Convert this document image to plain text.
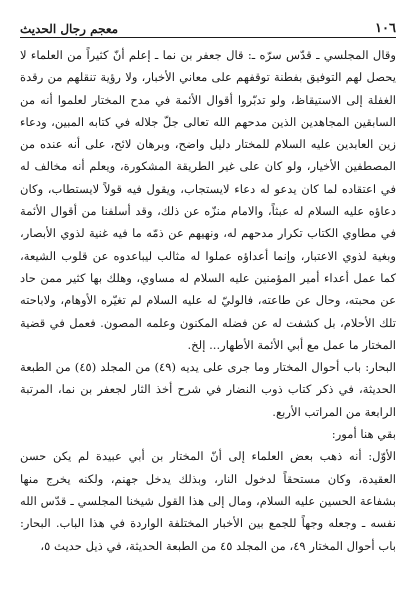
١٠٦
معجم رجال الحديث

وقال المجلسي ـ قدّس سرّه ـ: قال جعفر بن نما ـ إعلم أنّ كثيراً من العلماء لا يحصل لهم التوفيق بفطنة توقفهم على معاني الأخبار، ولا رؤية تنقلهم من رقدة الغفلة إلى الاستيقاظ، ولو تدبّروا أقوال الأئمة في مدح المختار لعلموا أنه من السابقين المجاهدين الذين مدحهم الله تعالى جلّ جلاله في كتابه المبين، ودعاء زين العابدين عليه السلام للمختار دليل واضح، وبرهان لائح، على أنه عنده من المصطفين الأخيار، ولو كان على غير الطريقة المشكورة، ويعلم أنه مخالف له في اعتقاده لما كان يدعو له دعاء لايستجاب، ويقول فيه قولاً لايستطاب، وكان دعاؤه عليه السلام له عبثاً، والامام منزّه عن ذلك، وقد أسلفنا من أقوال الأئمة في مطاوي الكتاب تكرار مدحهم له، ونهيهم عن ذمّه ما فيه غنية لذوي الأبصار، وبغية لذوي الاعتبار، وإنما أعداؤه عملوا له مثالب ليباعدوه عن قلوب الشيعة، كما عمل أعداء أمير المؤمنين عليه السلام له مساوي، وهلك بها كثير ممن حاد عن محبته، وحال عن طاعته، فالوليّ له عليه السلام لم تغيّره الأوهام، ولاباحته تلك الأحلام، بل كشفت له عن فضله المكنون وعلمه المصون. فعمل في قضية المختار ما عمل مع أبي الأئمة الأطهار... إلخ.

البحار: باب أحوال المختار وما جرى على يديه (٤٩) من المجلد (٤٥) من الطبعة الحديثة، في ذكر كتاب ذوب النضار في شرح أخذ الثار لجعفر بن نما، المرتبة الرابعة من المراتب الأربع.

بقي هنا أمور:

الأوّل: أنه ذهب بعض العلماء إلى أنّ المختار بن أبي عبيدة لم يكن حسن العقيدة، وكان مستحقاً لدخول النار، وبذلك يدخل جهنم، ولكنه يخرج منها بشفاعة الحسين عليه السلام، ومال إلى هذا القول شيخنا المجلسي ـ قدّس الله نفسه ـ وجعله وجهاً للجمع بين الأخبار المختلفة الواردة في هذا الباب. البحار: باب أحوال المختار ٤٩، من المجلد ٤٥ من الطبعة الحديثة، في ذيل حديث ٥،
